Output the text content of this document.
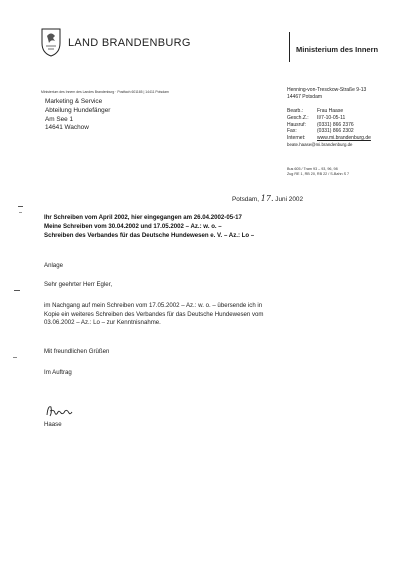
LAND BRANDENBURG
Ministerium des Innern
Ministerium des Innern des Landes Brandenburg · Postfach 601165 | 14411 Potsdam
Marketing & Service
Abteilung Hundefänger
Am See 1
14641 Wachow
Henning-von-Tresckow-Straße 9-13
14467 Potsdam
Bearb.:	Frau Haase
Gesch.Z.: II/7-10-05-11
Hausruf: (0331) 866 2376
Fax:	(0331) 866 2302
Internet: www.mi.brandenburg.de
beate.haase@mi.brandenburg.de
Bus 605 / Tram 93 – 93, 96, 98
Zug RE 1, RB 20, RB 22 / S-Bahn S 7
Potsdam, 17. Juni 2002
Ihr Schreiben vom April 2002, hier eingegangen am 26.04.2002-05-17
Meine Schreiben vom 30.04.2002 und 17.05.2002 – Az.: w. o. –
Schreiben des Verbandes für das Deutsche Hundewesen e. V. – Az.: Lo –
Anlage
Sehr geehrter Herr Egler,
im Nachgang auf mein Schreiben vom 17.05.2002 – Az.: w. o. – übersende ich in
Kopie ein weiteres Schreiben des Verbandes für das Deutsche Hundewesen vom
03.06.2002 – Az.: Lo – zur Kenntnisnahme.
Mit freundlichen Grüßen
Im Auftrag
Haase
